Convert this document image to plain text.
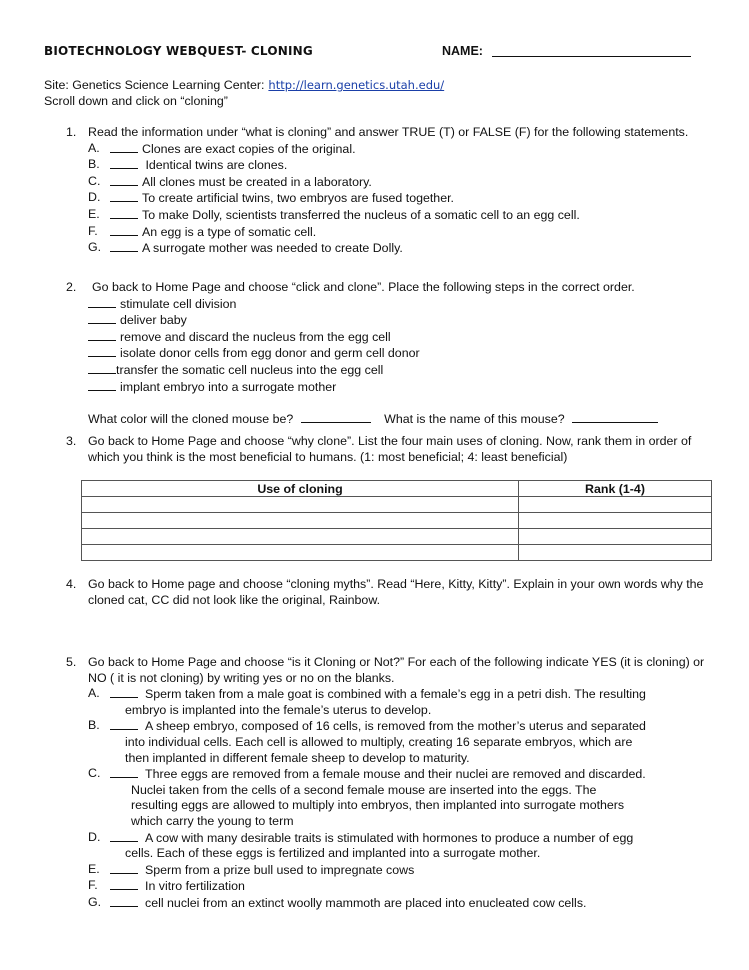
BIOTECHNOLOGY WEBQUEST- CLONING	NAME:
Site: Genetics Science Learning Center: http://learn.genetics.utah.edu/
Scroll down and click on “cloning”
1. Read the information under “what is cloning” and answer TRUE (T) or FALSE (F) for the following statements.
A.	Clones are exact copies of the original.
B.	Identical twins are clones.
C.	All clones must be created in a laboratory.
D.	To create artificial twins, two embryos are fused together.
E.	To make Dolly, scientists transferred the nucleus of a somatic cell to an egg cell.
F.	An egg is a type of somatic cell.
G.	A surrogate mother was needed to create Dolly.
2. Go back to Home Page and choose “click and clone”. Place the following steps in the correct order.
stimulate cell division
deliver baby
remove and discard the nucleus from the egg cell
isolate donor cells from egg donor and germ cell donor
transfer the somatic cell nucleus into the egg cell
implant embryo into a surrogate mother
What color will the cloned mouse be?	What is the name of this mouse?
3. Go back to Home Page and choose “why clone”. List the four main uses of cloning. Now, rank them in order of which you think is the most beneficial to humans. (1: most beneficial; 4: least beneficial)
Use of cloning	Rank (1-4)

4. Go back to Home page and choose “cloning myths”. Read “Here, Kitty, Kitty”. Explain in your own words why the cloned cat, CC did not look like the original, Rainbow.
5. Go back to Home Page and choose “is it Cloning or Not?” For each of the following indicate YES (it is cloning) or NO ( it is not cloning) by writing yes or no on the blanks.
A.	Sperm taken from a male goat is combined with a female’s egg in a petri dish. The resulting
embryo is implanted into the female’s uterus to develop.
B.	A sheep embryo, composed of 16 cells, is removed from the mother’s uterus and separated
into individual cells. Each cell is allowed to multiply, creating 16 separate embryos, which are
then implanted in different female sheep to develop to maturity.
C.	Three eggs are removed from a female mouse and their nuclei are removed and discarded.
Nuclei taken from the cells of a second female mouse are inserted into the eggs. The
resulting eggs are allowed to multiply into embryos, then implanted into surrogate mothers
which carry the young to term
D.	A cow with many desirable traits is stimulated with hormones to produce a number of egg
cells. Each of these eggs is fertilized and implanted into a surrogate mother.
E.	Sperm from a prize bull used to impregnate cows
F.	In vitro fertilization
G.	cell nuclei from an extinct woolly mammoth are placed into enucleated cow cells.
